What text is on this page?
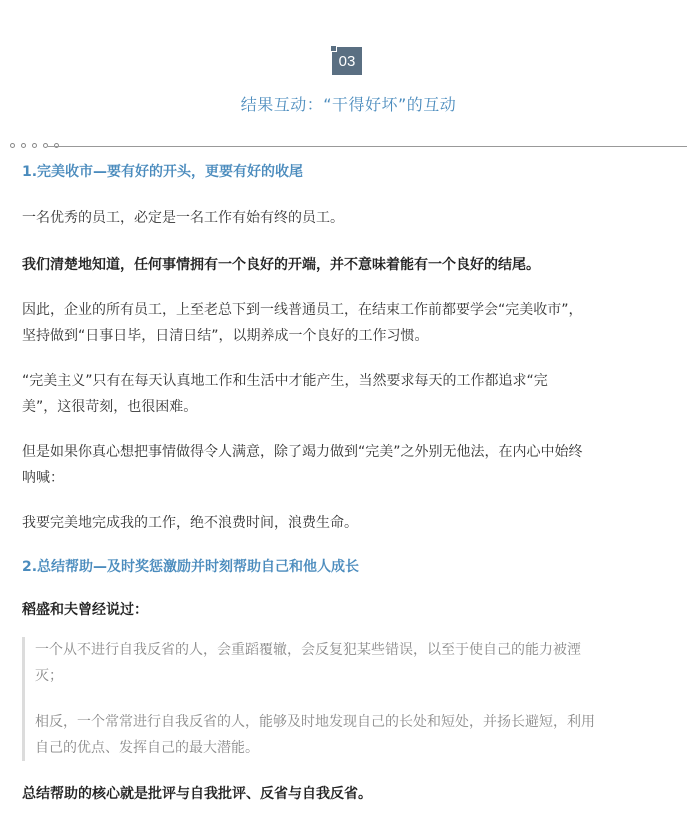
03
结果互动：“干得好坏”的互动

1.完美收市—要有好的开头，更要有好的收尾

一名优秀的员工，必定是一名工作有始有终的员工。

我们清楚地知道，任何事情拥有一个良好的开端，并不意味着能有一个良好的结尾。

因此，企业的所有员工，上至老总下到一线普通员工，在结束工作前都要学会“完美收市”，

坚持做到“日事日毕，日清日结”，以期养成一个良好的工作习惯。

“完美主义”只有在每天认真地工作和生活中才能产生，当然要求每天的工作都追求“完

美”，这很苛刻，也很困难。

但是如果你真心想把事情做得令人满意，除了竭力做到“完美”之外别无他法，在内心中始终

呐喊：

我要完美地完成我的工作，绝不浪费时间，浪费生命。

2.总结帮助—及时奖惩激励并时刻帮助自己和他人成长

稻盛和夫曾经说过：

一个从不进行自我反省的人，会重蹈覆辙，会反复犯某些错误，以至于使自己的能力被湮

灭；

相反，一个常常进行自我反省的人，能够及时地发现自己的长处和短处，并扬长避短，利用

自己的优点、发挥自己的最大潜能。

总结帮助的核心就是批评与自我批评、反省与自我反省。
